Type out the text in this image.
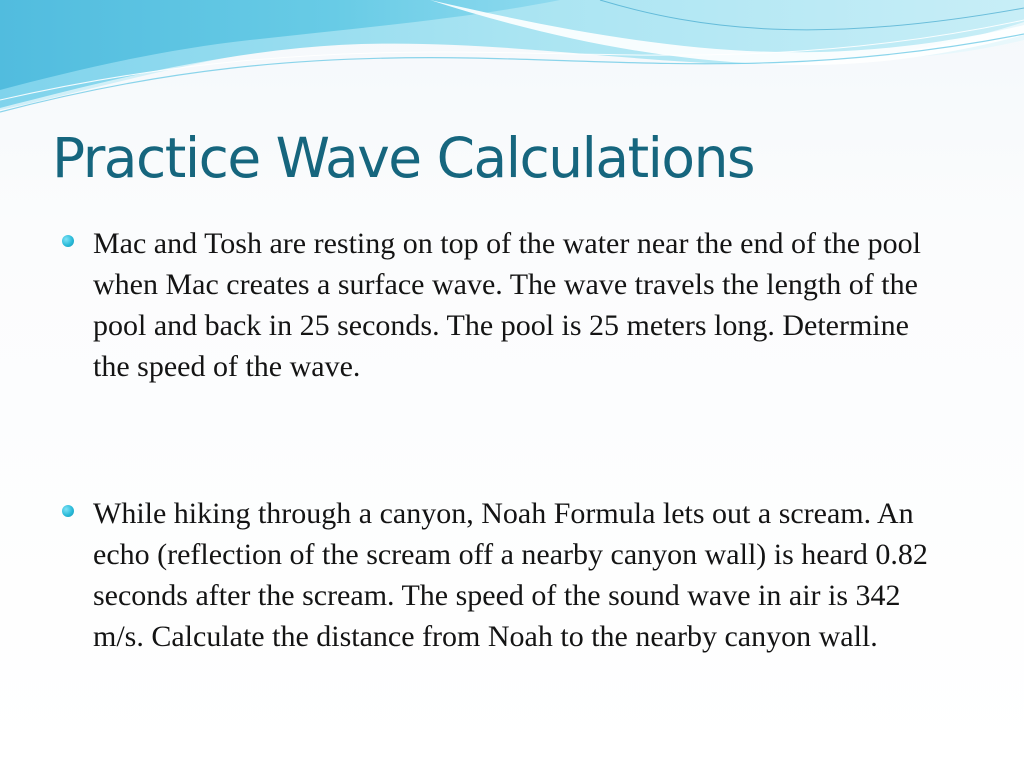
Practice Wave Calculations

Mac and Tosh are resting on top of the water near the end of the pool when Mac creates a surface wave. The wave travels the length of the pool and back in 25 seconds. The pool is 25 meters long. Determine the speed of the wave.

While hiking through a canyon, Noah Formula lets out a scream. An echo (reflection of the scream off a nearby canyon wall) is heard 0.82 seconds after the scream. The speed of the sound wave in air is 342 m/s. Calculate the distance from Noah to the nearby canyon wall.
